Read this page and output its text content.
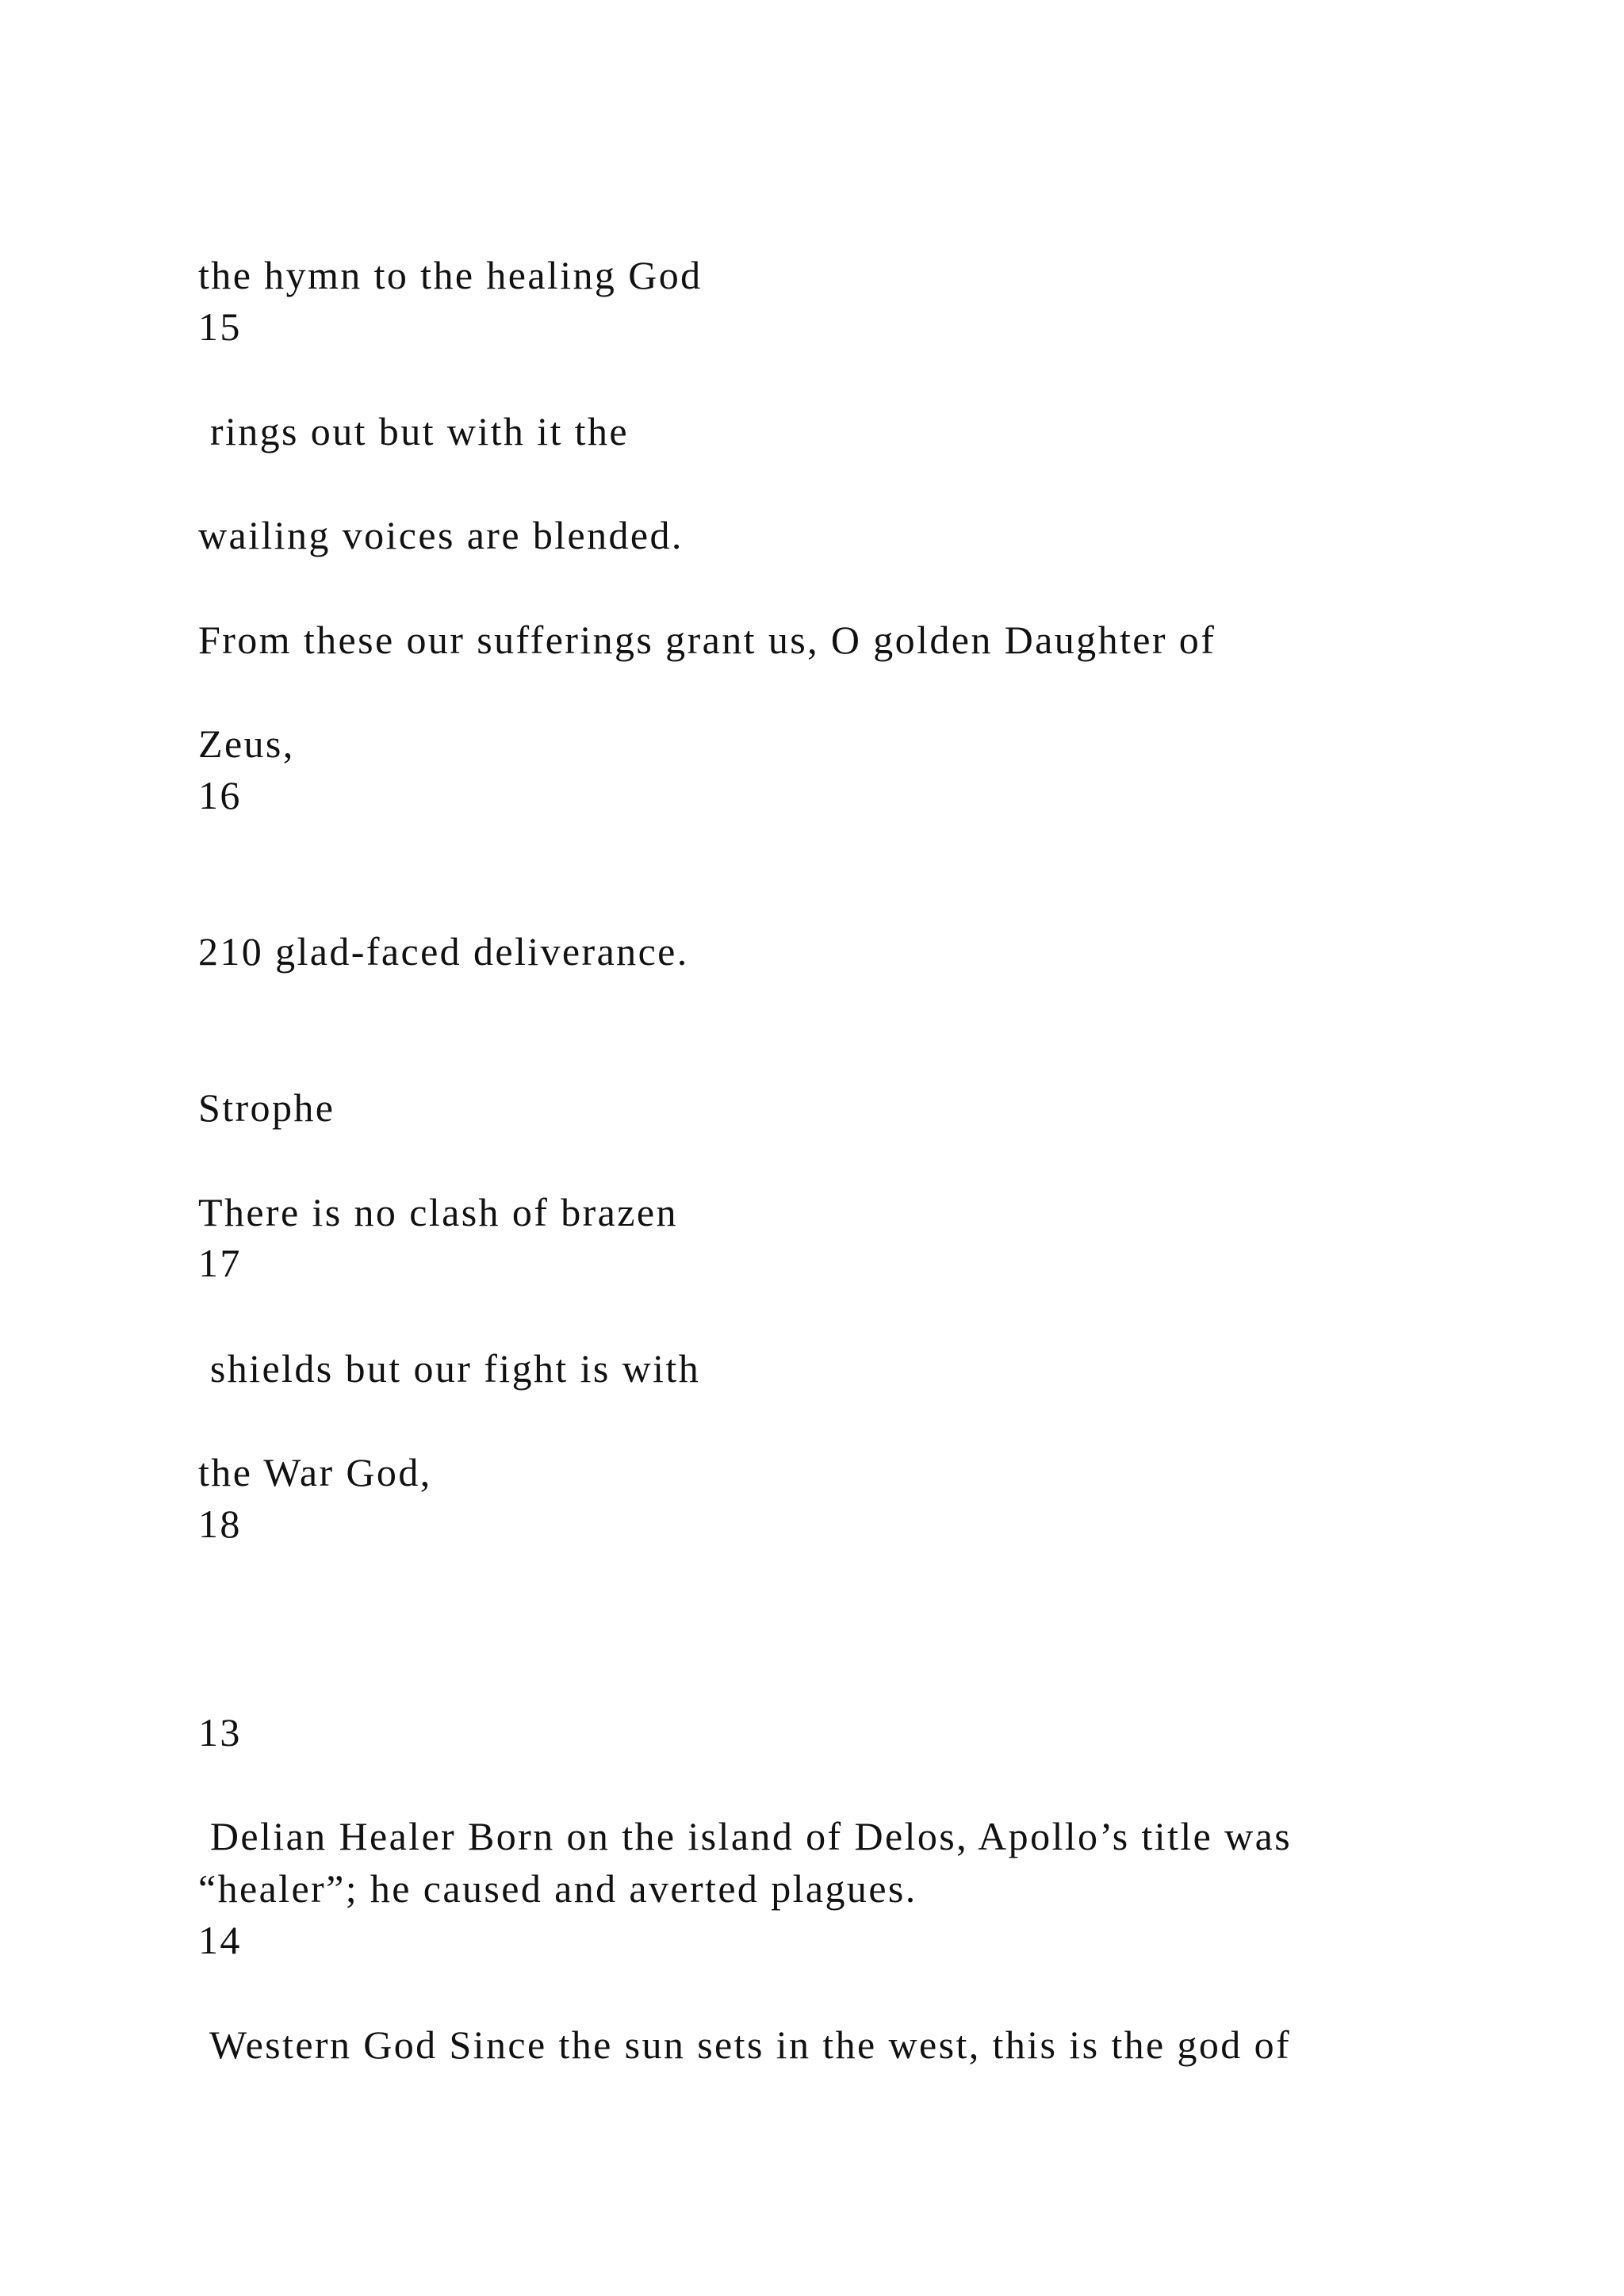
the hymn to the healing God

15

rings out but with it the

wailing voices are blended.

From these our sufferings grant us, O golden Daughter of

Zeus,

16

210 glad-faced deliverance.

Strophe

There is no clash of brazen

17

shields but our fight is with

the War God,

18

13

Delian Healer Born on the island of Delos, Apollo’s title was

“healer”; he caused and averted plagues.

14

Western God Since the sun sets in the west, this is the god of
